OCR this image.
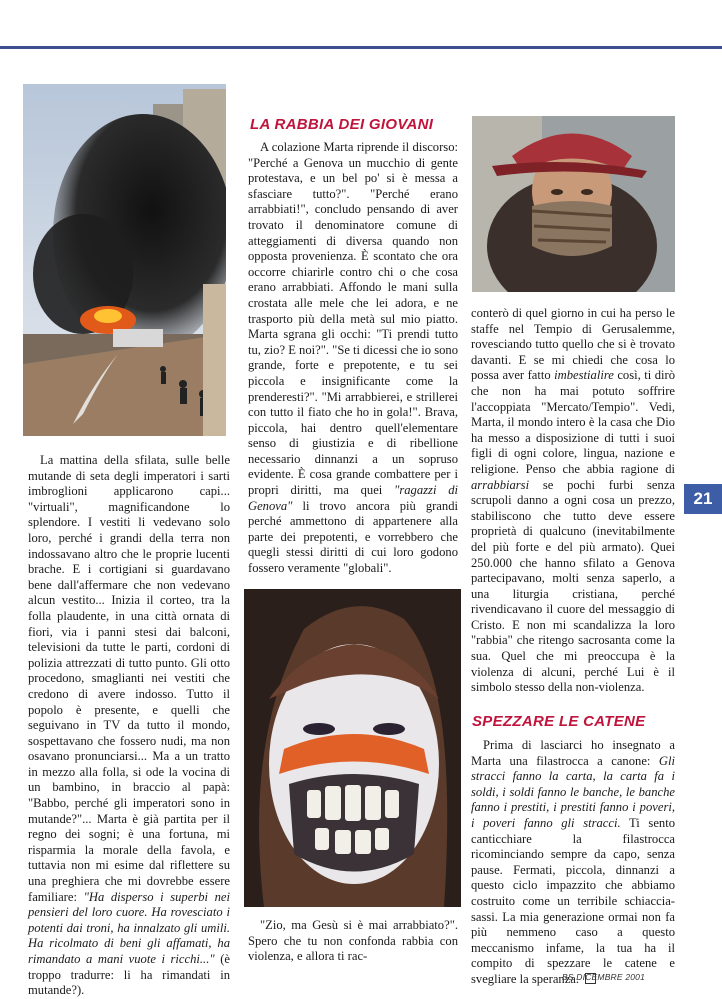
La mattina della sfilata, sulle belle mutande di seta degli imperatori i sarti imbroglioni applicarono capi... "virtuali", magnificandone lo splendore. I vestiti li vedevano solo loro, perché i grandi della terra non indossavano altro che le proprie lucenti brache. E i cortigiani si guardavano bene dall'affermare che non vedevano alcun vestito... Inizia il corteo, tra la folla plaudente, in una città ornata di fiori, via i panni stesi dai balconi, televisioni da tutte le parti, cordoni di polizia attrezzati di tutto punto. Gli otto procedono, smaglianti nei vestiti che credono di avere indosso. Tutto il popolo è presente, e quelli che seguivano in TV da tutto il mondo, sospettavano che fossero nudi, ma non osavano pronunciarsi... Ma a un tratto in mezzo alla folla, si ode la vocina di un bambino, in braccio al papà: "Babbo, perché gli imperatori sono in mutande?"... Marta è già partita per il regno dei sogni; è una fortuna, mi risparmia la morale della favola, e tuttavia non mi esime dal riflettere su una preghiera che mi dovrebbe essere familiare: "Ha disperso i superbi nei pensieri del loro cuore. Ha rovesciato i potenti dai troni, ha innalzato gli umili. Ha ricolmato di beni gli affamati, ha rimandato a mani vuote i ricchi..." (è troppo tradurre: li ha rimandati in mutande?).

LA RABBIA DEI GIOVANI

A colazione Marta riprende il discorso: "Perché a Genova un mucchio di gente protestava, e un bel po' si è messa a sfasciare tutto?". "Perché erano arrabbiati!", concludo pensando di aver trovato il denominatore comune di atteggiamenti di diversa quando non opposta provenienza. È scontato che ora occorre chiarirle contro chi o che cosa erano arrabbiati. Affondo le mani sulla crostata alle mele che lei adora, e ne trasporto più della metà sul mio piatto. Marta sgrana gli occhi: "Ti prendi tutto tu, zio? E noi?". "Se ti dicessi che io sono grande, forte e prepotente, e tu sei piccola e insignificante come la prenderesti?". "Mi arrabbierei, e strillerei con tutto il fiato che ho in gola!". Brava, piccola, hai dentro quell'elementare senso di giustizia e di ribellione necessario dinnanzi a un sopruso evidente. È cosa grande combattere per i propri diritti, ma quei "ragazzi di Genova" li trovo ancora più grandi perché ammettono di appartenere alla parte dei prepotenti, e vorrebbero che quegli stessi diritti di cui loro godono fossero veramente "globali".

"Zio, ma Gesù si è mai arrabbiato?". Spero che tu non confonda rabbia con violenza, e allora ti rac-

conterò di quel giorno in cui ha perso le staffe nel Tempio di Gerusalemme, rovesciando tutto quello che si è trovato davanti. E se mi chiedi che cosa lo possa aver fatto imbestialire così, ti dirò che non ha mai potuto soffrire l'accoppiata "Mercato/Tempio". Vedi, Marta, il mondo intero è la casa che Dio ha messo a disposizione di tutti i suoi figli di ogni colore, lingua, nazione e religione. Penso che abbia ragione di arrabbiarsi se pochi furbi senza scrupoli danno a ogni cosa un prezzo, stabiliscono che tutto deve essere proprietà di qualcuno (inevitabilmente del più forte e del più armato). Quei 250.000 che hanno sfilato a Genova partecipavano, molti senza saperlo, a una liturgia cristiana, perché rivendicavano il cuore del messaggio di Cristo. E non mi scandalizza la loro "rabbia" che ritengo sacrosanta come la sua. Quel che mi preoccupa è la violenza di alcuni, perché Lui è il simbolo stesso della non-violenza.

SPEZZARE LE CATENE

Prima di lasciarci ho insegnato a Marta una filastrocca a canone: Gli stracci fanno la carta, la carta fa i soldi, i soldi fanno le banche, le banche fanno i prestiti, i prestiti fanno i poveri, i poveri fanno gli stracci. Ti sento canticchiare la filastrocca ricominciando sempre da capo, senza pause. Fermati, piccola, dinnanzi a questo ciclo impazzito che abbiamo costruito come un terribile schiacciasassi. La mia generazione ormai non fa più nemmeno caso a questo meccanismo infame, la tua ha il compito di spezzare le catene e svegliare la speranza.

21
BS DICEMBRE 2001
